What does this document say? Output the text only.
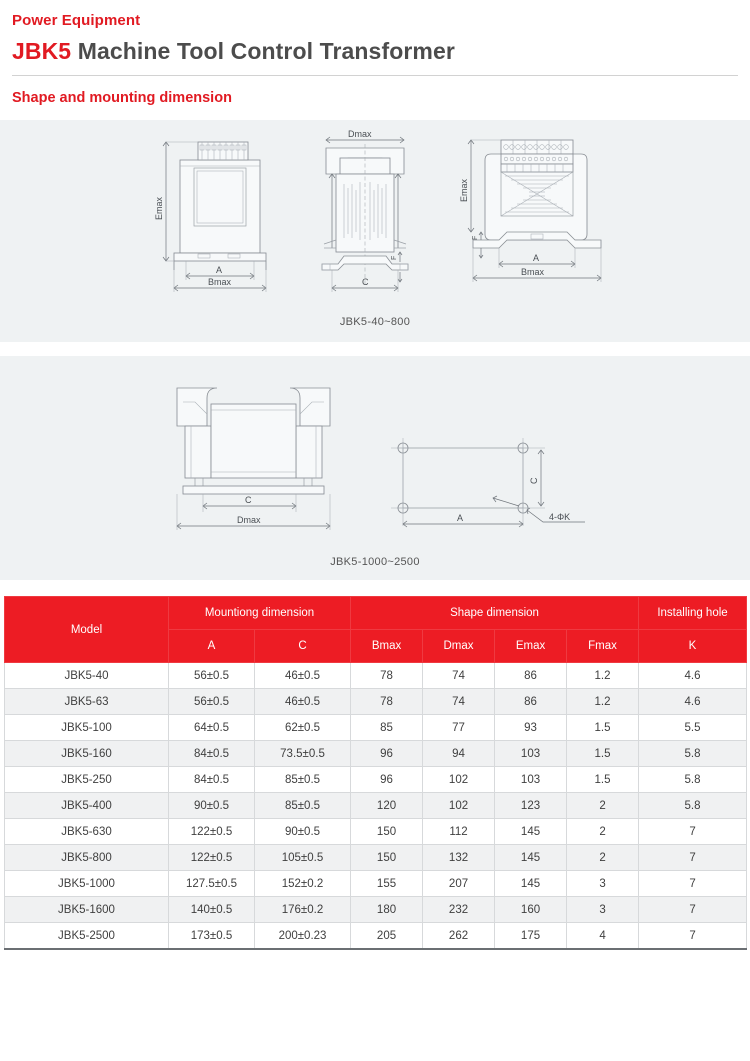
Power Equipment
JBK5 Machine Tool Control Transformer
Shape and mounting dimension
Emax
A
Bmax
Dmax
F
C
Emax
F
A
Bmax
JBK5-40~800
C
Dmax
C
A	4-ΦK
JBK5-1000~2500
Model	Mountiong dimension		Shape dimension				Installing hole
	A	C	Bmax	Dmax	Emax	Fmax	K
JBK5-40	56±0.5	46±0.5	78	74	86	1.2	4.6
JBK5-63	56±0.5	46±0.5	78	74	86	1.2	4.6
JBK5-100	64±0.5	62±0.5	85	77	93	1.5	5.5
JBK5-160	84±0.5	73.5±0.5	96	94	103	1.5	5.8
JBK5-250	84±0.5	85±0.5	96	102	103	1.5	5.8
JBK5-400	90±0.5	85±0.5	120	102	123	2	5.8
JBK5-630	122±0.5	90±0.5	150	112	145	2	7
JBK5-800	122±0.5	105±0.5	150	132	145	2	7
JBK5-1000	127.5±0.5	152±0.2	155	207	145	3	7
JBK5-1600	140±0.5	176±0.2	180	232	160	3	7
JBK5-2500	173±0.5	200±0.23	205	262	175	4	7
